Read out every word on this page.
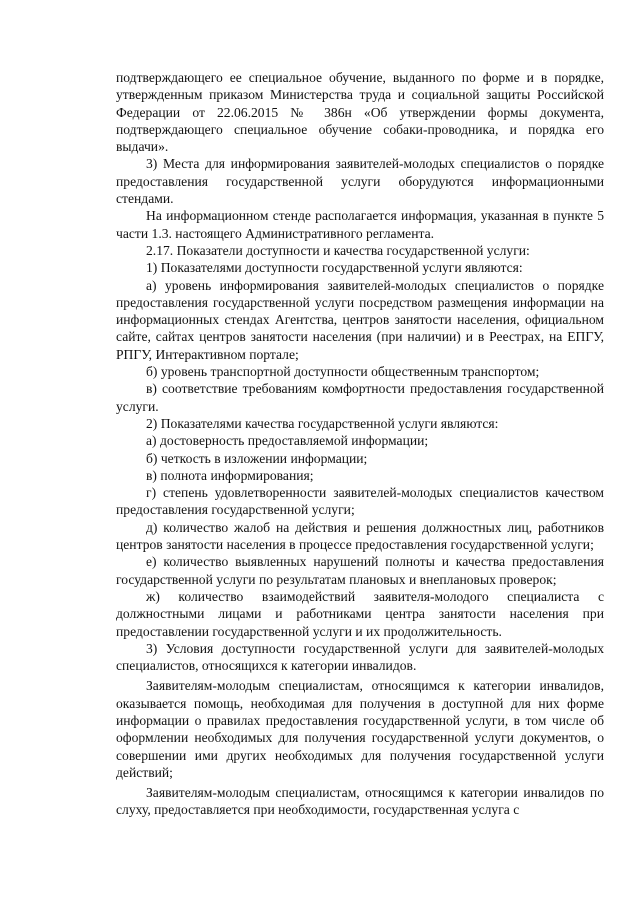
подтверждающего ее специальное обучение, выданного по форме и в порядке, утвержденным приказом Министерства труда и социальной защиты Российской Федерации от 22.06.2015 № 386н «Об утверждении формы документа, подтверждающего специальное обучение собаки-проводника, и порядка его выдачи».

3) Места для информирования заявителей-молодых специалистов о порядке предоставления государственной услуги оборудуются информационными стендами.

На информационном стенде располагается информация, указанная в пункте 5 части 1.3. настоящего Административного регламента.

2.17. Показатели доступности и качества государственной услуги:

1) Показателями доступности государственной услуги являются:

а) уровень информирования заявителей-молодых специалистов о порядке предоставления государственной услуги посредством размещения информации на информационных стендах Агентства, центров занятости населения, официальном сайте, сайтах центров занятости населения (при наличии) и в Реестрах, на ЕПГУ, РПГУ, Интерактивном портале;

б) уровень транспортной доступности общественным транспортом;

в) соответствие требованиям комфортности предоставления государственной услуги.

2) Показателями качества государственной услуги являются:

а) достоверность предоставляемой информации;

б) четкость в изложении информации;

в) полнота информирования;

г) степень удовлетворенности заявителей-молодых специалистов качеством предоставления государственной услуги;

д) количество жалоб на действия и решения должностных лиц, работников центров занятости населения в процессе предоставления государственной услуги;

е) количество выявленных нарушений полноты и качества предоставления государственной услуги по результатам плановых и внеплановых проверок;

ж) количество взаимодействий заявителя-молодого специалиста с должностными лицами и работниками центра занятости населения при предоставлении государственной услуги и их продолжительность.

3) Условия доступности государственной услуги для заявителей-молодых специалистов, относящихся к категории инвалидов.

Заявителям-молодым специалистам, относящимся к категории инвалидов, оказывается помощь, необходимая для получения в доступной для них форме информации о правилах предоставления государственной услуги, в том числе об оформлении необходимых для получения государственной услуги документов, о совершении ими других необходимых для получения государственной услуги действий;

Заявителям-молодым специалистам, относящимся к категории инвалидов по слуху, предоставляется при необходимости, государственная услуга с
